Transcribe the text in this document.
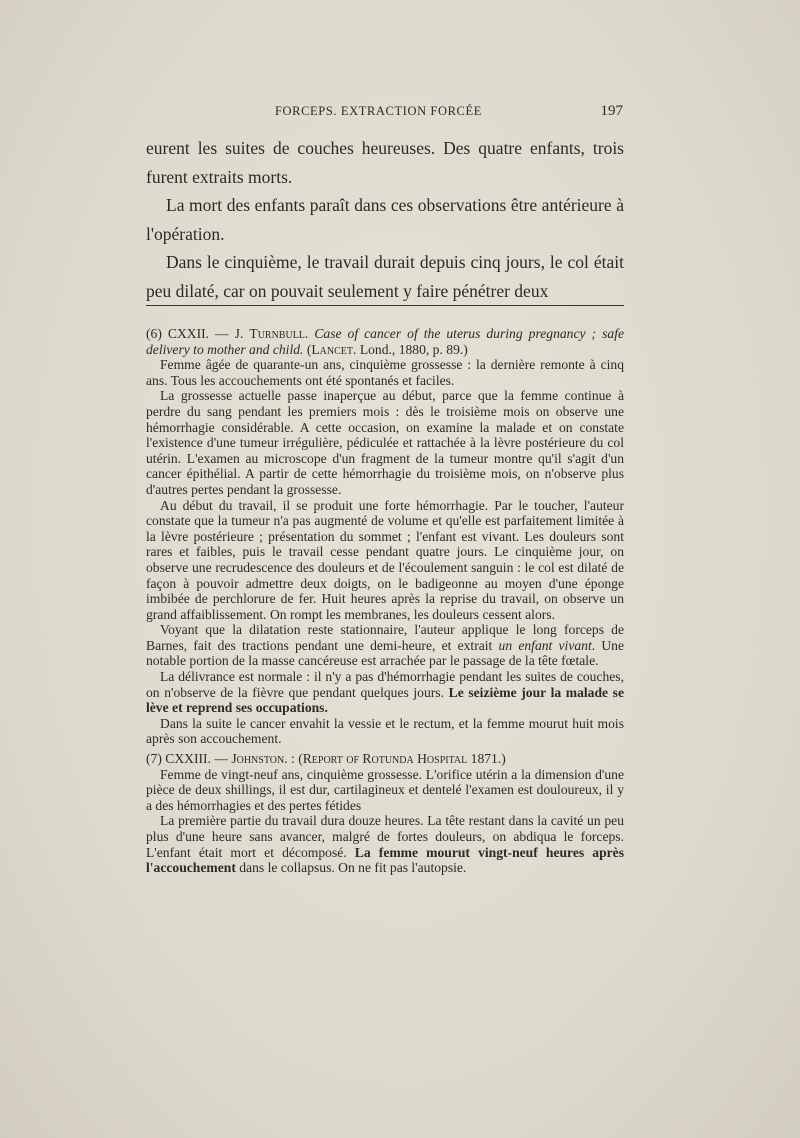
FORCEPS. EXTRACTION FORCÉE	197

eurent les suites de couches heureuses. Des quatre enfants, trois furent extraits morts.

La mort des enfants paraît dans ces observations être antérieure à l'opération.

Dans le cinquième, le travail durait depuis cinq jours, le col était peu dilaté, car on pouvait seulement y faire pénétrer deux

(6) CXXII. — J. Turnbull. Case of cancer of the uterus during pregnancy ; safe delivery to mother and child. (Lancet. Lond., 1880, p. 89.)

Femme âgée de quarante-un ans, cinquième grossesse : la dernière remonte à cinq ans. Tous les accouchements ont été spontanés et faciles.

La grossesse actuelle passe inaperçue au début, parce que la femme continue à perdre du sang pendant les premiers mois : dès le troisième mois on observe une hémorrhagie considérable. A cette occasion, on examine la malade et on constate l'existence d'une tumeur irrégulière, pédiculée et rattachée à la lèvre postérieure du col utérin. L'examen au microscope d'un fragment de la tumeur montre qu'il s'agit d'un cancer épithélial. A partir de cette hémorrhagie du troisième mois, on n'observe plus d'autres pertes pendant la grossesse.

Au début du travail, il se produit une forte hémorrhagie. Par le toucher, l'auteur constate que la tumeur n'a pas augmenté de volume et qu'elle est parfaitement limitée à la lèvre postérieure ; présentation du sommet ; l'enfant est vivant. Les douleurs sont rares et faibles, puis le travail cesse pendant quatre jours. Le cinquième jour, on observe une recrudescence des douleurs et de l'écoulement sanguin : le col est dilaté de façon à pouvoir admettre deux doigts, on le badigeonne au moyen d'une éponge imbibée de perchlorure de fer. Huit heures après la reprise du travail, on observe un grand affaiblissement. On rompt les membranes, les douleurs cessent alors.

Voyant que la dilatation reste stationnaire, l'auteur applique le long forceps de Barnes, fait des tractions pendant une demi-heure, et extrait un enfant vivant. Une notable portion de la masse cancéreuse est arrachée par le passage de la tête fœtale.

La délivrance est normale : il n'y a pas d'hémorrhagie pendant les suites de couches, on n'observe de la fièvre que pendant quelques jours. Le seizième jour la malade se lève et reprend ses occupations.

Dans la suite le cancer envahit la vessie et le rectum, et la femme mourut huit mois après son accouchement.

(7) CXXIII. — Johnston. : (Report of Rotunda Hospital 1871.)

Femme de vingt-neuf ans, cinquième grossesse. L'orifice utérin a la dimension d'une pièce de deux shillings, il est dur, cartilagineux et dentelé l'examen est douloureux, il y a des hémorrhagies et des pertes fétides

La première partie du travail dura douze heures. La tête restant dans la cavité un peu plus d'une heure sans avancer, malgré de fortes douleurs, on abdiqua le forceps. L'enfant était mort et décomposé. La femme mourut vingt-neuf heures après l'accouchement dans le collapsus. On ne fit pas l'autopsie.
